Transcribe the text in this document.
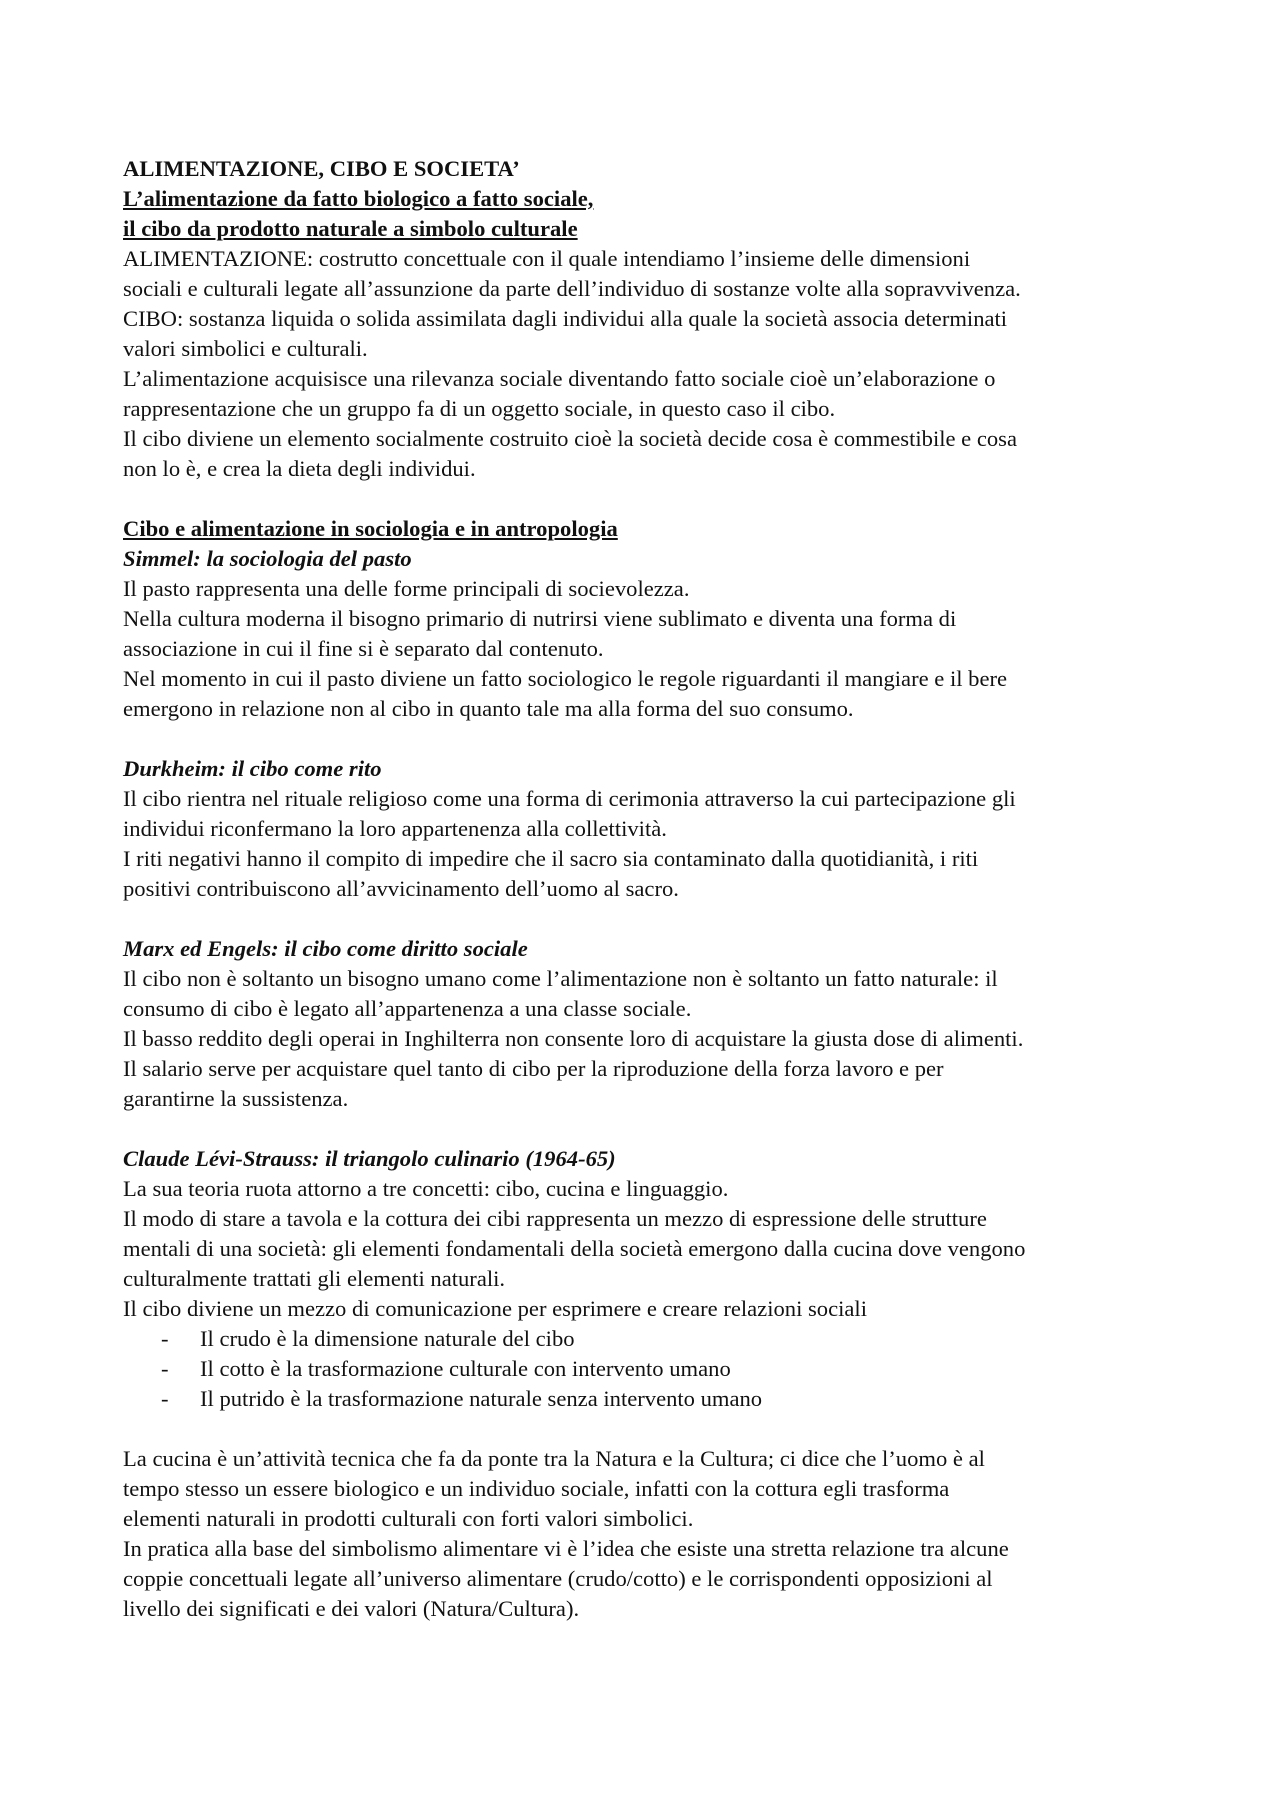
ALIMENTAZIONE, CIBO E SOCIETA’
L’alimentazione da fatto biologico a fatto sociale,
il cibo da prodotto naturale a simbolo culturale
ALIMENTAZIONE: costrutto concettuale con il quale intendiamo l’insieme delle dimensioni
sociali e culturali legate all’assunzione da parte dell’individuo di sostanze volte alla sopravvivenza.
CIBO: sostanza liquida o solida assimilata dagli individui alla quale la società associa determinati
valori simbolici e culturali.
L’alimentazione acquisisce una rilevanza sociale diventando fatto sociale cioè un’elaborazione o
rappresentazione che un gruppo fa di un oggetto sociale, in questo caso il cibo.
Il cibo diviene un elemento socialmente costruito cioè la società decide cosa è commestibile e cosa
non lo è, e crea la dieta degli individui.
Cibo e alimentazione in sociologia e in antropologia
Simmel: la sociologia del pasto
Il pasto rappresenta una delle forme principali di socievolezza.
Nella cultura moderna il bisogno primario di nutrirsi viene sublimato e diventa una forma di
associazione in cui il fine si è separato dal contenuto.
Nel momento in cui il pasto diviene un fatto sociologico le regole riguardanti il mangiare e il bere
emergono in relazione non al cibo in quanto tale ma alla forma del suo consumo.
Durkheim: il cibo come rito
Il cibo rientra nel rituale religioso come una forma di cerimonia attraverso la cui partecipazione gli
individui riconfermano la loro appartenenza alla collettività.
I riti negativi hanno il compito di impedire che il sacro sia contaminato dalla quotidianità, i riti
positivi contribuiscono all’avvicinamento dell’uomo al sacro.
Marx ed Engels: il cibo come diritto sociale
Il cibo non è soltanto un bisogno umano come l’alimentazione non è soltanto un fatto naturale: il
consumo di cibo è legato all’appartenenza a una classe sociale.
Il basso reddito degli operai in Inghilterra non consente loro di acquistare la giusta dose di alimenti.
Il salario serve per acquistare quel tanto di cibo per la riproduzione della forza lavoro e per
garantirne la sussistenza.
Claude Lévi-Strauss: il triangolo culinario (1964-65)
La sua teoria ruota attorno a tre concetti: cibo, cucina e linguaggio.
Il modo di stare a tavola e la cottura dei cibi rappresenta un mezzo di espressione delle strutture
mentali di una società: gli elementi fondamentali della società emergono dalla cucina dove vengono
culturalmente trattati gli elementi naturali.
Il cibo diviene un mezzo di comunicazione per esprimere e creare relazioni sociali
- Il crudo è la dimensione naturale del cibo
- Il cotto è la trasformazione culturale con intervento umano
- Il putrido è la trasformazione naturale senza intervento umano
La cucina è un’attività tecnica che fa da ponte tra la Natura e la Cultura; ci dice che l’uomo è al
tempo stesso un essere biologico e un individuo sociale, infatti con la cottura egli trasforma
elementi naturali in prodotti culturali con forti valori simbolici.
In pratica alla base del simbolismo alimentare vi è l’idea che esiste una stretta relazione tra alcune
coppie concettuali legate all’universo alimentare (crudo/cotto) e le corrispondenti opposizioni al
livello dei significati e dei valori (Natura/Cultura).
